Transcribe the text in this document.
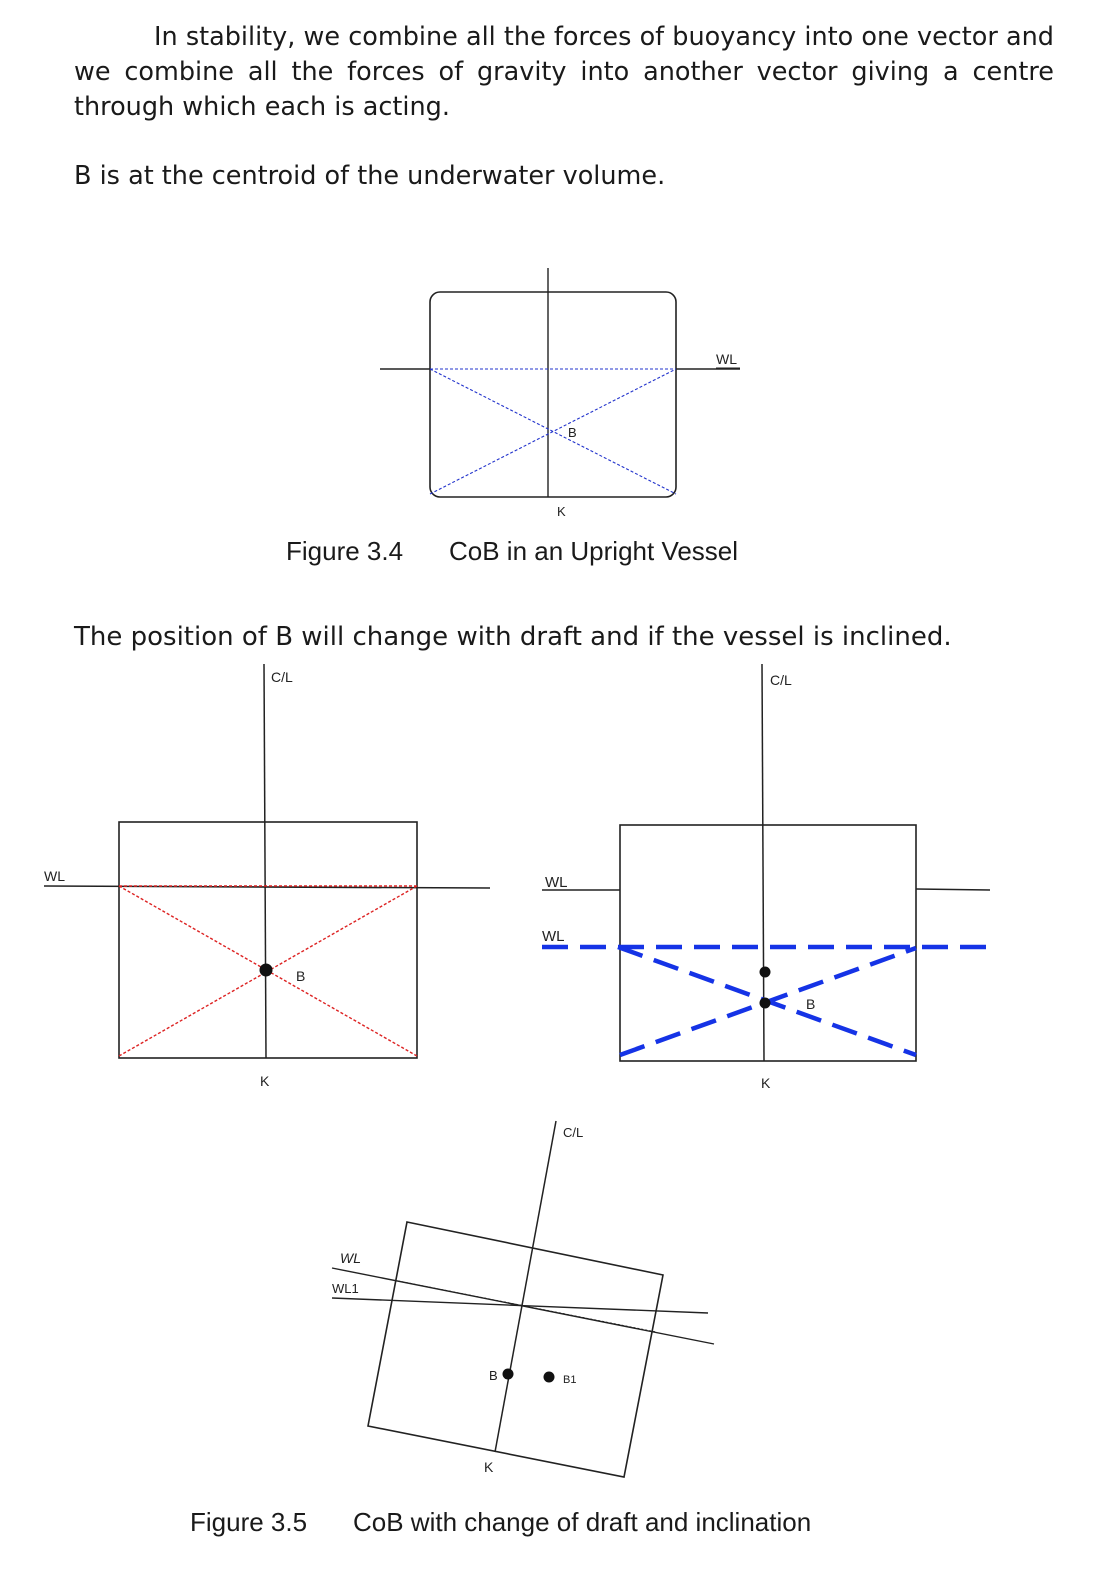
In stability, we combine all the forces of buoyancy into one vector and we combine all the forces of gravity into another vector giving a centre through which each is acting.

B is at the centroid of the underwater volume.

WL
B
K
Figure 3.4 CoB in an Upright Vessel

The position of B will change with draft and if the vessel is inclined.

C/L
WL
B
K
C/L
WL
WL
B
K
C/L
WL
WL1
B	B1
K
Figure 3.5 CoB with change of draft and inclination
